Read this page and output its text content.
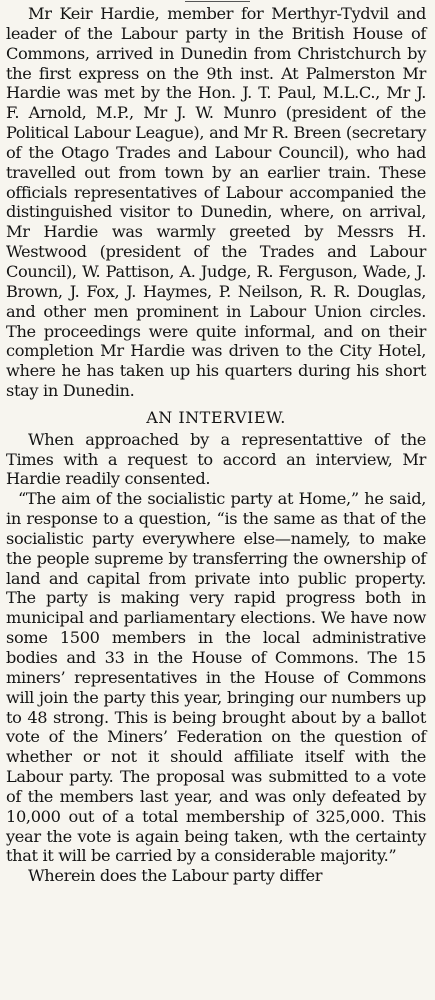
Mr Keir Hardie, member for Merthyr-Tydvil and leader of the Labour party in the British House of Commons, arrived in Dunedin from Christchurch by the first express on the 9th inst. At Palmerston Mr Hardie was met by the Hon. J. T. Paul, M.L.C., Mr J. F. Arnold, M.P., Mr J. W. Munro (president of the Political Labour League), and Mr R. Breen (secretary of the Otago Trades and Labour Council), who had travelled out from town by an earlier train. These officials representatives of Labour accompanied the distinguished visitor to Dunedin, where, on arrival, Mr Hardie was warmly greeted by Messrs H. Westwood (president of the Trades and Labour Council), W. Pattison, A. Judge, R. Ferguson, Wade, J. Brown, J. Fox, J. Haymes, P. Neilson, R. R. Douglas, and other men prominent in Labour Union circles. The proceedings were quite informal, and on their completion Mr Hardie was driven to the City Hotel, where he has taken up his quarters during his short stay in Dunedin.

AN INTERVIEW.

When approached by a representattive of the Times with a request to accord an interview, Mr Hardie readily consented.

“The aim of the socialistic party at Home,” he said, in response to a question, “is the same as that of the socialistic party everywhere else—namely, to make the people supreme by transferring the ownership of land and capital from private into public property. The party is making very rapid progress both in municipal and parliamentary elections. We have now some 1500 members in the local administrative bodies and 33 in the House of Commons. The 15 miners’ representatives in the House of Commons will join the party this year, bringing our numbers up to 48 strong. This is being brought about by a ballot vote of the Miners’ Federation on the question of whether or not it should affiliate itself with the Labour party. The proposal was submitted to a vote of the members last year, and was only defeated by 10,000 out of a total membership of 325,000. This year the vote is again being taken, wth the certainty that it will be carried by a considerable majority.”

Wherein does the Labour party differ
